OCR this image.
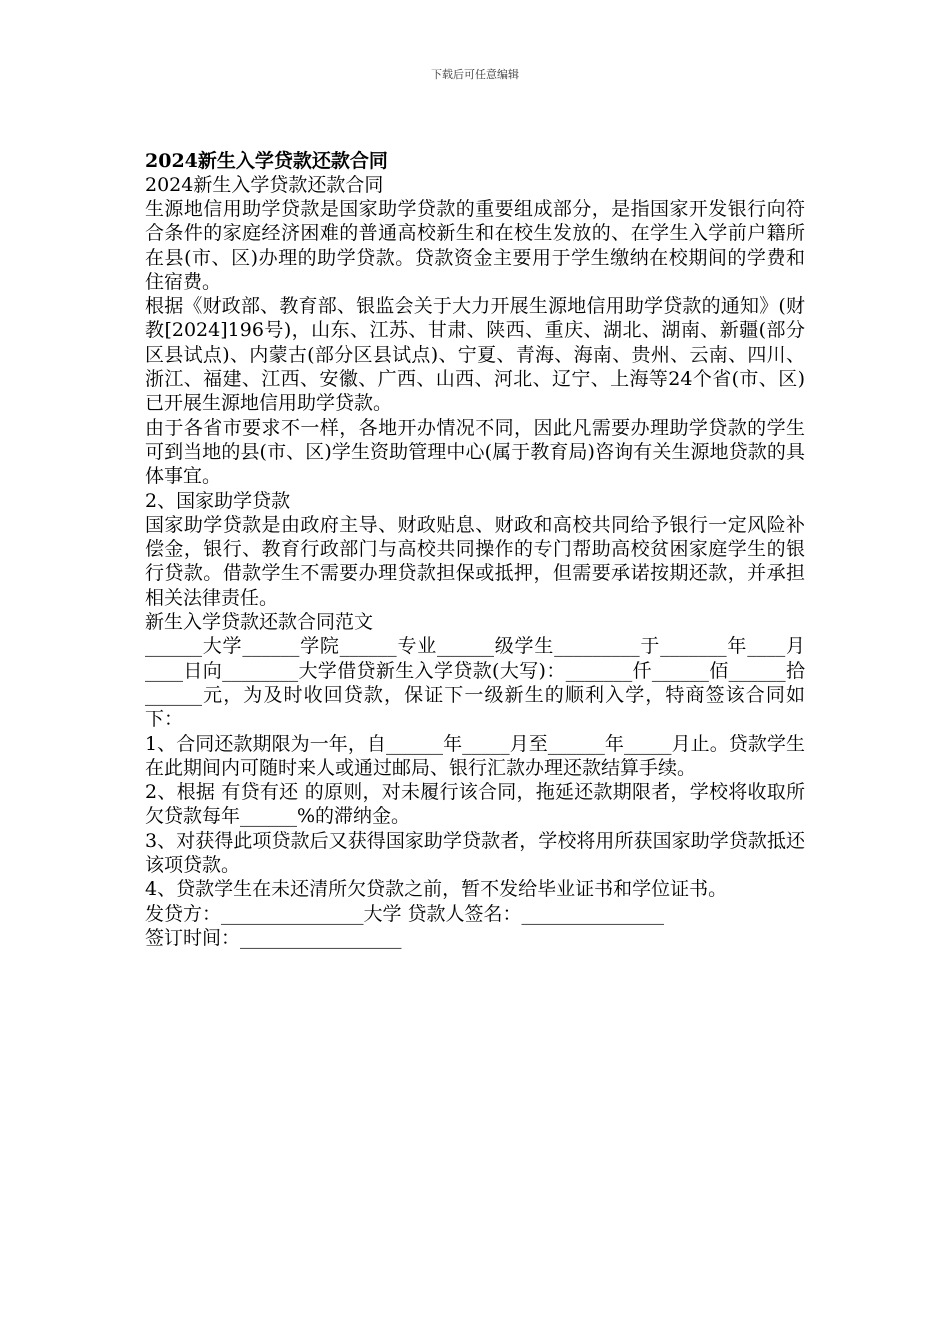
下载后可任意编辑

2024新生入学贷款还款合同

2024新生入学贷款还款合同

生源地信用助学贷款是国家助学贷款的重要组成部分，是指国家开发银行向符合条件的家庭经济困难的普通高校新生和在校生发放的、在学生入学前户籍所在县(市、区)办理的助学贷款。贷款资金主要用于学生缴纳在校期间的学费和住宿费。

根据《财政部、教育部、银监会关于大力开展生源地信用助学贷款的通知》(财教[2024]196号)，山东、江苏、甘肃、陕西、重庆、湖北、湖南、新疆(部分区县试点)、内蒙古(部分区县试点)、宁夏、青海、海南、贵州、云南、四川、浙江、福建、江西、安徽、广西、山西、河北、辽宁、上海等24个省(市、区)已开展生源地信用助学贷款。

由于各省市要求不一样，各地开办情况不同，因此凡需要办理助学贷款的学生可到当地的县(市、区)学生资助管理中心(属于教育局)咨询有关生源地贷款的具体事宜。

2、国家助学贷款

国家助学贷款是由政府主导、财政贴息、财政和高校共同给予银行一定风险补偿金，银行、教育行政部门与高校共同操作的专门帮助高校贫困家庭学生的银行贷款。借款学生不需要办理贷款担保或抵押，但需要承诺按期还款，并承担相关法律责任。

新生入学贷款还款合同范文

______大学______学院______专业______级学生_________于_______年____月____日向________大学借贷新生入学贷款(大写)：_______仟______佰______拾______元，为及时收回贷款，保证下一级新生的顺利入学，特商签该合同如下：

1、合同还款期限为一年，自______年_____月至______年_____月止。贷款学生在此期间内可随时来人或通过邮局、银行汇款办理还款结算手续。

2、根据 有贷有还 的原则，对未履行该合同，拖延还款期限者，学校将收取所欠贷款每年______%的滞纳金。

3、对获得此项贷款后又获得国家助学贷款者，学校将用所获国家助学贷款抵还该项贷款。

4、贷款学生在未还清所欠贷款之前，暂不发给毕业证书和学位证书。

发贷方：_______________大学 贷款人签名：_______________

签订时间：_________________
